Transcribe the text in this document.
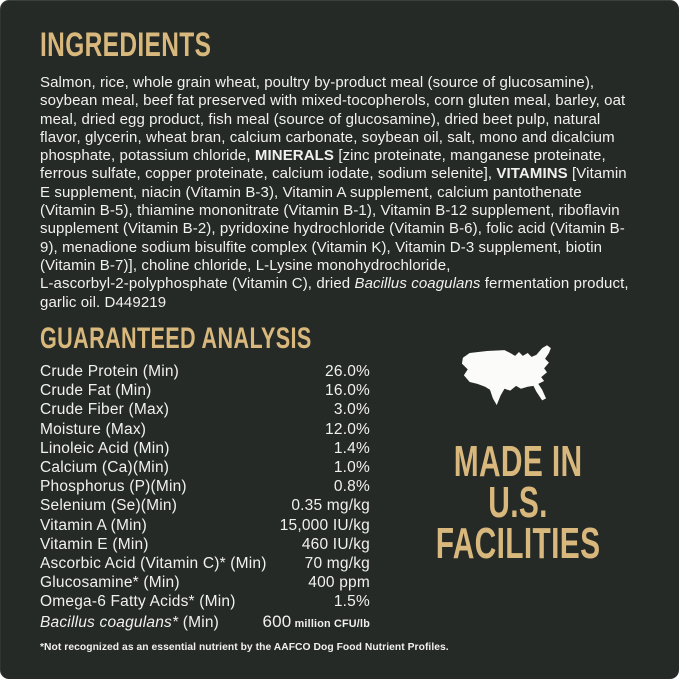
INGREDIENTS

Salmon, rice, whole grain wheat, poultry by-product meal (source of glucosamine), soybean meal, beef fat preserved with mixed-tocopherols, corn gluten meal, barley, oat meal, dried egg product, fish meal (source of glucosamine), dried beet pulp, natural flavor, glycerin, wheat bran, calcium carbonate, soybean oil, salt, mono and dicalcium phosphate, potassium chloride, MINERALS [zinc proteinate, manganese proteinate, ferrous sulfate, copper proteinate, calcium iodate, sodium selenite], VITAMINS [Vitamin E supplement, niacin (Vitamin B-3), Vitamin A supplement, calcium pantothenate (Vitamin B-5), thiamine mononitrate (Vitamin B-1), Vitamin B-12 supplement, riboflavin supplement (Vitamin B-2), pyridoxine hydrochloride (Vitamin B-6), folic acid (Vitamin B-9), menadione sodium bisulfite complex (Vitamin K), Vitamin D-3 supplement, biotin (Vitamin B-7)], choline chloride, L-Lysine monohydrochloride,
L-ascorbyl-2-polyphosphate (Vitamin C), dried Bacillus coagulans fermentation product, garlic oil. D449219

GUARANTEED ANALYSIS
Crude Protein (Min)	26.0%
Crude Fat (Min)	16.0%
Crude Fiber (Max)	3.0%
Moisture (Max)	12.0%
Linoleic Acid (Min)	1.4%
Calcium (Ca)(Min)	1.0%
Phosphorus (P)(Min)	0.8%
Selenium (Se)(Min)	0.35 mg/kg
Vitamin A (Min)	15,000 IU/kg
Vitamin E (Min)	460 IU/kg
Ascorbic Acid (Vitamin C)* (Min) 70 mg/kg
Glucosamine* (Min)	400 ppm
Omega-6 Fatty Acids* (Min)	1.5%
Bacillus coagulans* (Min)	600 million CFU/lb

*Not recognized as an essential nutrient by the AAFCO Dog Food Nutrient Profiles.

MADE IN
U.S.
FACILITIES
